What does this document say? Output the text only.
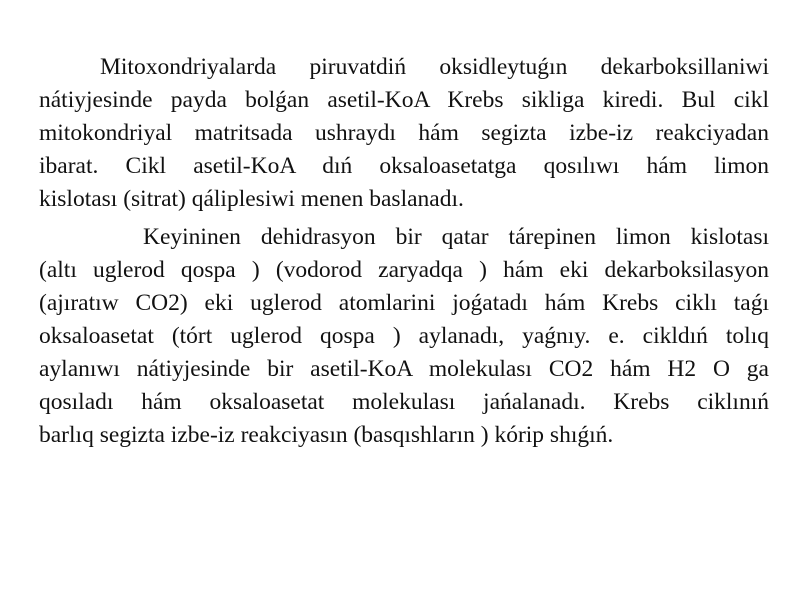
Mitoxondriyalarda piruvatdiń oksidleytuǵın dekarboksillaniwi
nátiyjesinde payda bolǵan asetil-KoA Krebs sikliga kiredi. Bul cikl
mitokondriyal matritsada ushraydı hám segizta izbe-iz reakciyadan
ibarat. Cikl asetil-KoA dıń oksaloasetatga qosılıwı hám limon
kislotası (sitrat) qáliplesiwi menen baslanadı.
Keyininen dehidrasyon bir qatar tárepinen limon kislotası
(altı uglerod qospa ) (vodorod zaryadqa ) hám eki dekarboksilasyon
(ajıratıw CO2) eki uglerod atomlarini joǵatadı hám Krebs ciklı taǵı
oksaloasetat (tórt uglerod qospa ) aylanadı, yaǵnıy. e. cikldıń tolıq
aylanıwı nátiyjesinde bir asetil-KoA molekulası CO2 hám H2 O ga
qosıladı hám oksaloasetat molekulası jańalanadı. Krebs ciklınıń
barlıq segizta izbe-iz reakciyasın (basqıshların ) kórip shıǵıń.
